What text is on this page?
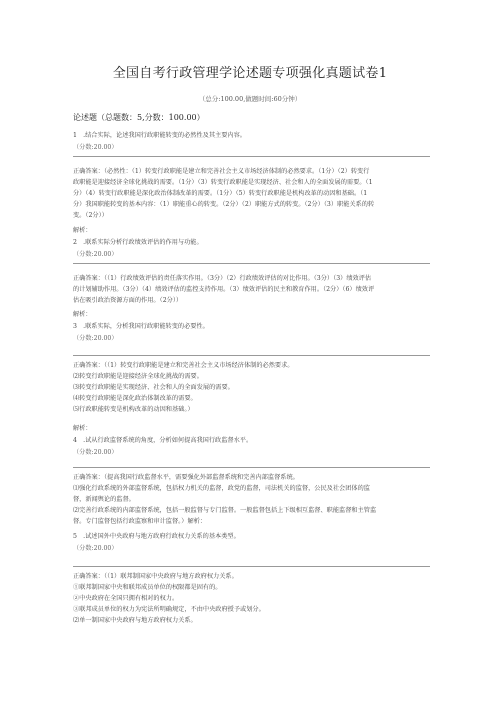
全国自考行政管理学论述题专项强化真题试卷1
（总分:100.00,做题时间:60分钟）
论述题（总题数：5,分数：100.00）
1　.结合实际，论述我国行政职能转变的必然性及其主要内容。
（分数:20.00）

正确答案：（必然性：（1）转变行政职能是建立和完善社会主义市场经济体制的必然要求。（1分）（2）转变行

政职能是迎接经济全球化挑战的需要。（1分）（3）转变行政职能是实现经济、社会和人的全面发展的需要。（1

分）（4）转变行政职能是深化政治体制改革的需要。（1分）（5）转变行政职能是机构改革的动因和基础。（1

分）我国职能转变的基本内容：（1）职能重心的转变。（2分）（2）职能方式的转变。（2分）（3）职能关系的转

变。（2分））

解析：
2　.联系实际分析行政绩效评估的作用与功能。
（分数:20.00）

正确答案：（（1）行政绩效评估的责任落实作用。（3分）（2）行政绩效评估的对比作用。（3分）（3）绩效评估

的计划辅助作用。（3分）（4）绩效评估的监控支持作用。（3）绩效评估的民主和教育作用。（2分）（6）绩效评

估在吸引政治资源方面的作用。（2分））

解析：
3　.联系实际，分析我国行政职能转变的必要性。
（分数:20.00）

正确答案：（（1）转变行政职能是建立和完善社会主义市场经济体制的必然要求。

⑵转变行政职能是迎接经济全球化挑战的需要。

⑶转变行政职能是实现经济、社会和人的全面发展的需要。

⑷转变行政职能是深化政治体制改革的需要。

⑸行政职能转变是机构改革的动因和基础。）

解析：
4　.试从行政监督系统的角度，分析如何提高我国行政监督水平。
（分数:20.00）

正确答案：（提高我国行政监督水平，需要强化外部监督系统和完善内部监督系统。

⑴强化行政系统的外部监督系统，包括权力机关的监督，政党的监督，司法机关的监督，公民及社会团体的监

督，新闻舆论的监督。

⑵完善行政系统的内部监督系统，包括一般监督与专门监督。一般监督包括上下级相互监督、职能监督和主管监

督。专门监督包括行政监察和审计监督。）解析：

5　.试述国外中央政府与地方政府行政权力关系的基本类型。
（分数:20.00）

正确答案：（（1）联邦制国家中央政府与地方政府权力关系。

①联邦制国家中央和联邦成员单位的权限都是固有的。

②中央政府在全国只拥有相对的权力。

③联邦成员单位的权力为宪法所明确规定，不由中央政府授予或划分。

⑵单一制国家中央政府与地方政府权力关系。
